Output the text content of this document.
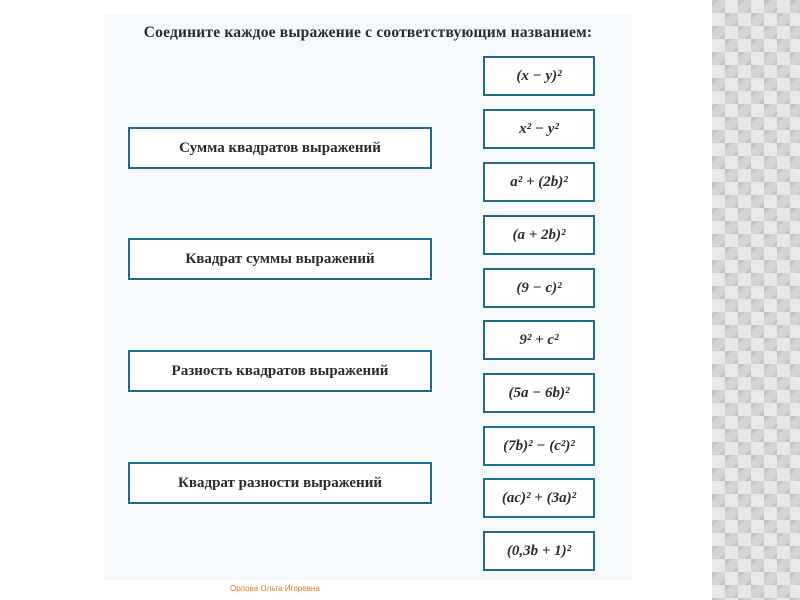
Соедините каждое выражение с соответствующим названием:
Сумма квадратов выражений
Квадрат суммы выражений
Разность квадратов выражений
Квадрат разности выражений
(x − y)²
x² − y²
a² + (2b)²
(a + 2b)²
(9 − c)²
9² + c²
(5a − 6b)²
(7b)² − (c²)²
(ac)² + (3a)²
(0,3b + 1)²
Орлова Ольга Игоревна
